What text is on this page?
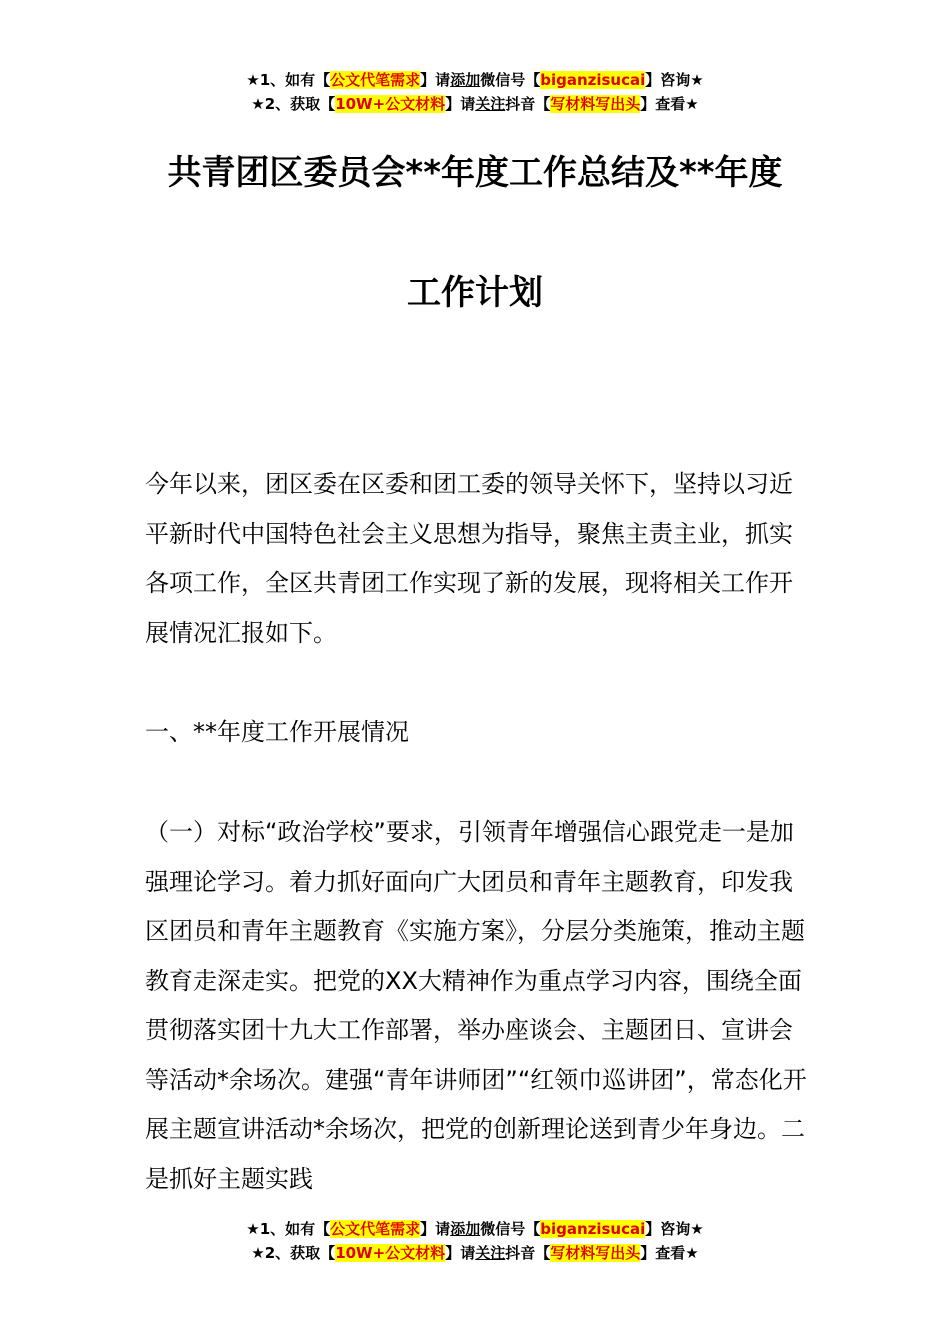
★1、如有【公文代笔需求】请添加微信号【biganzisucai】咨询★
★2、获取【10W+公文材料】请关注抖音【写材料写出头】查看★
共青团区委员会**年度工作总结及**年度
工作计划
今年以来，团区委在区委和团工委的领导关怀下，坚持以习近平新时代中国特色社会主义思想为指导，聚焦主责主业，抓实各项工作，全区共青团工作实现了新的发展，现将相关工作开展情况汇报如下。
一、**年度工作开展情况
（一）对标“政治学校”要求，引领青年增强信心跟党走一是加强理论学习。着力抓好面向广大团员和青年主题教育，印发我区团员和青年主题教育《实施方案》，分层分类施策，推动主题教育走深走实。把党的XX大精神作为重点学习内容，围绕全面贯彻落实团十九大工作部署，举办座谈会、主题团日、宣讲会等活动*余场次。建强“青年讲师团”“红领巾巡讲团”，常态化开展主题宣讲活动*余场次，把党的创新理论送到青少年身边。二是抓好主题实践
★1、如有【公文代笔需求】请添加微信号【biganzisucai】咨询★
★2、获取【10W+公文材料】请关注抖音【写材料写出头】查看★
